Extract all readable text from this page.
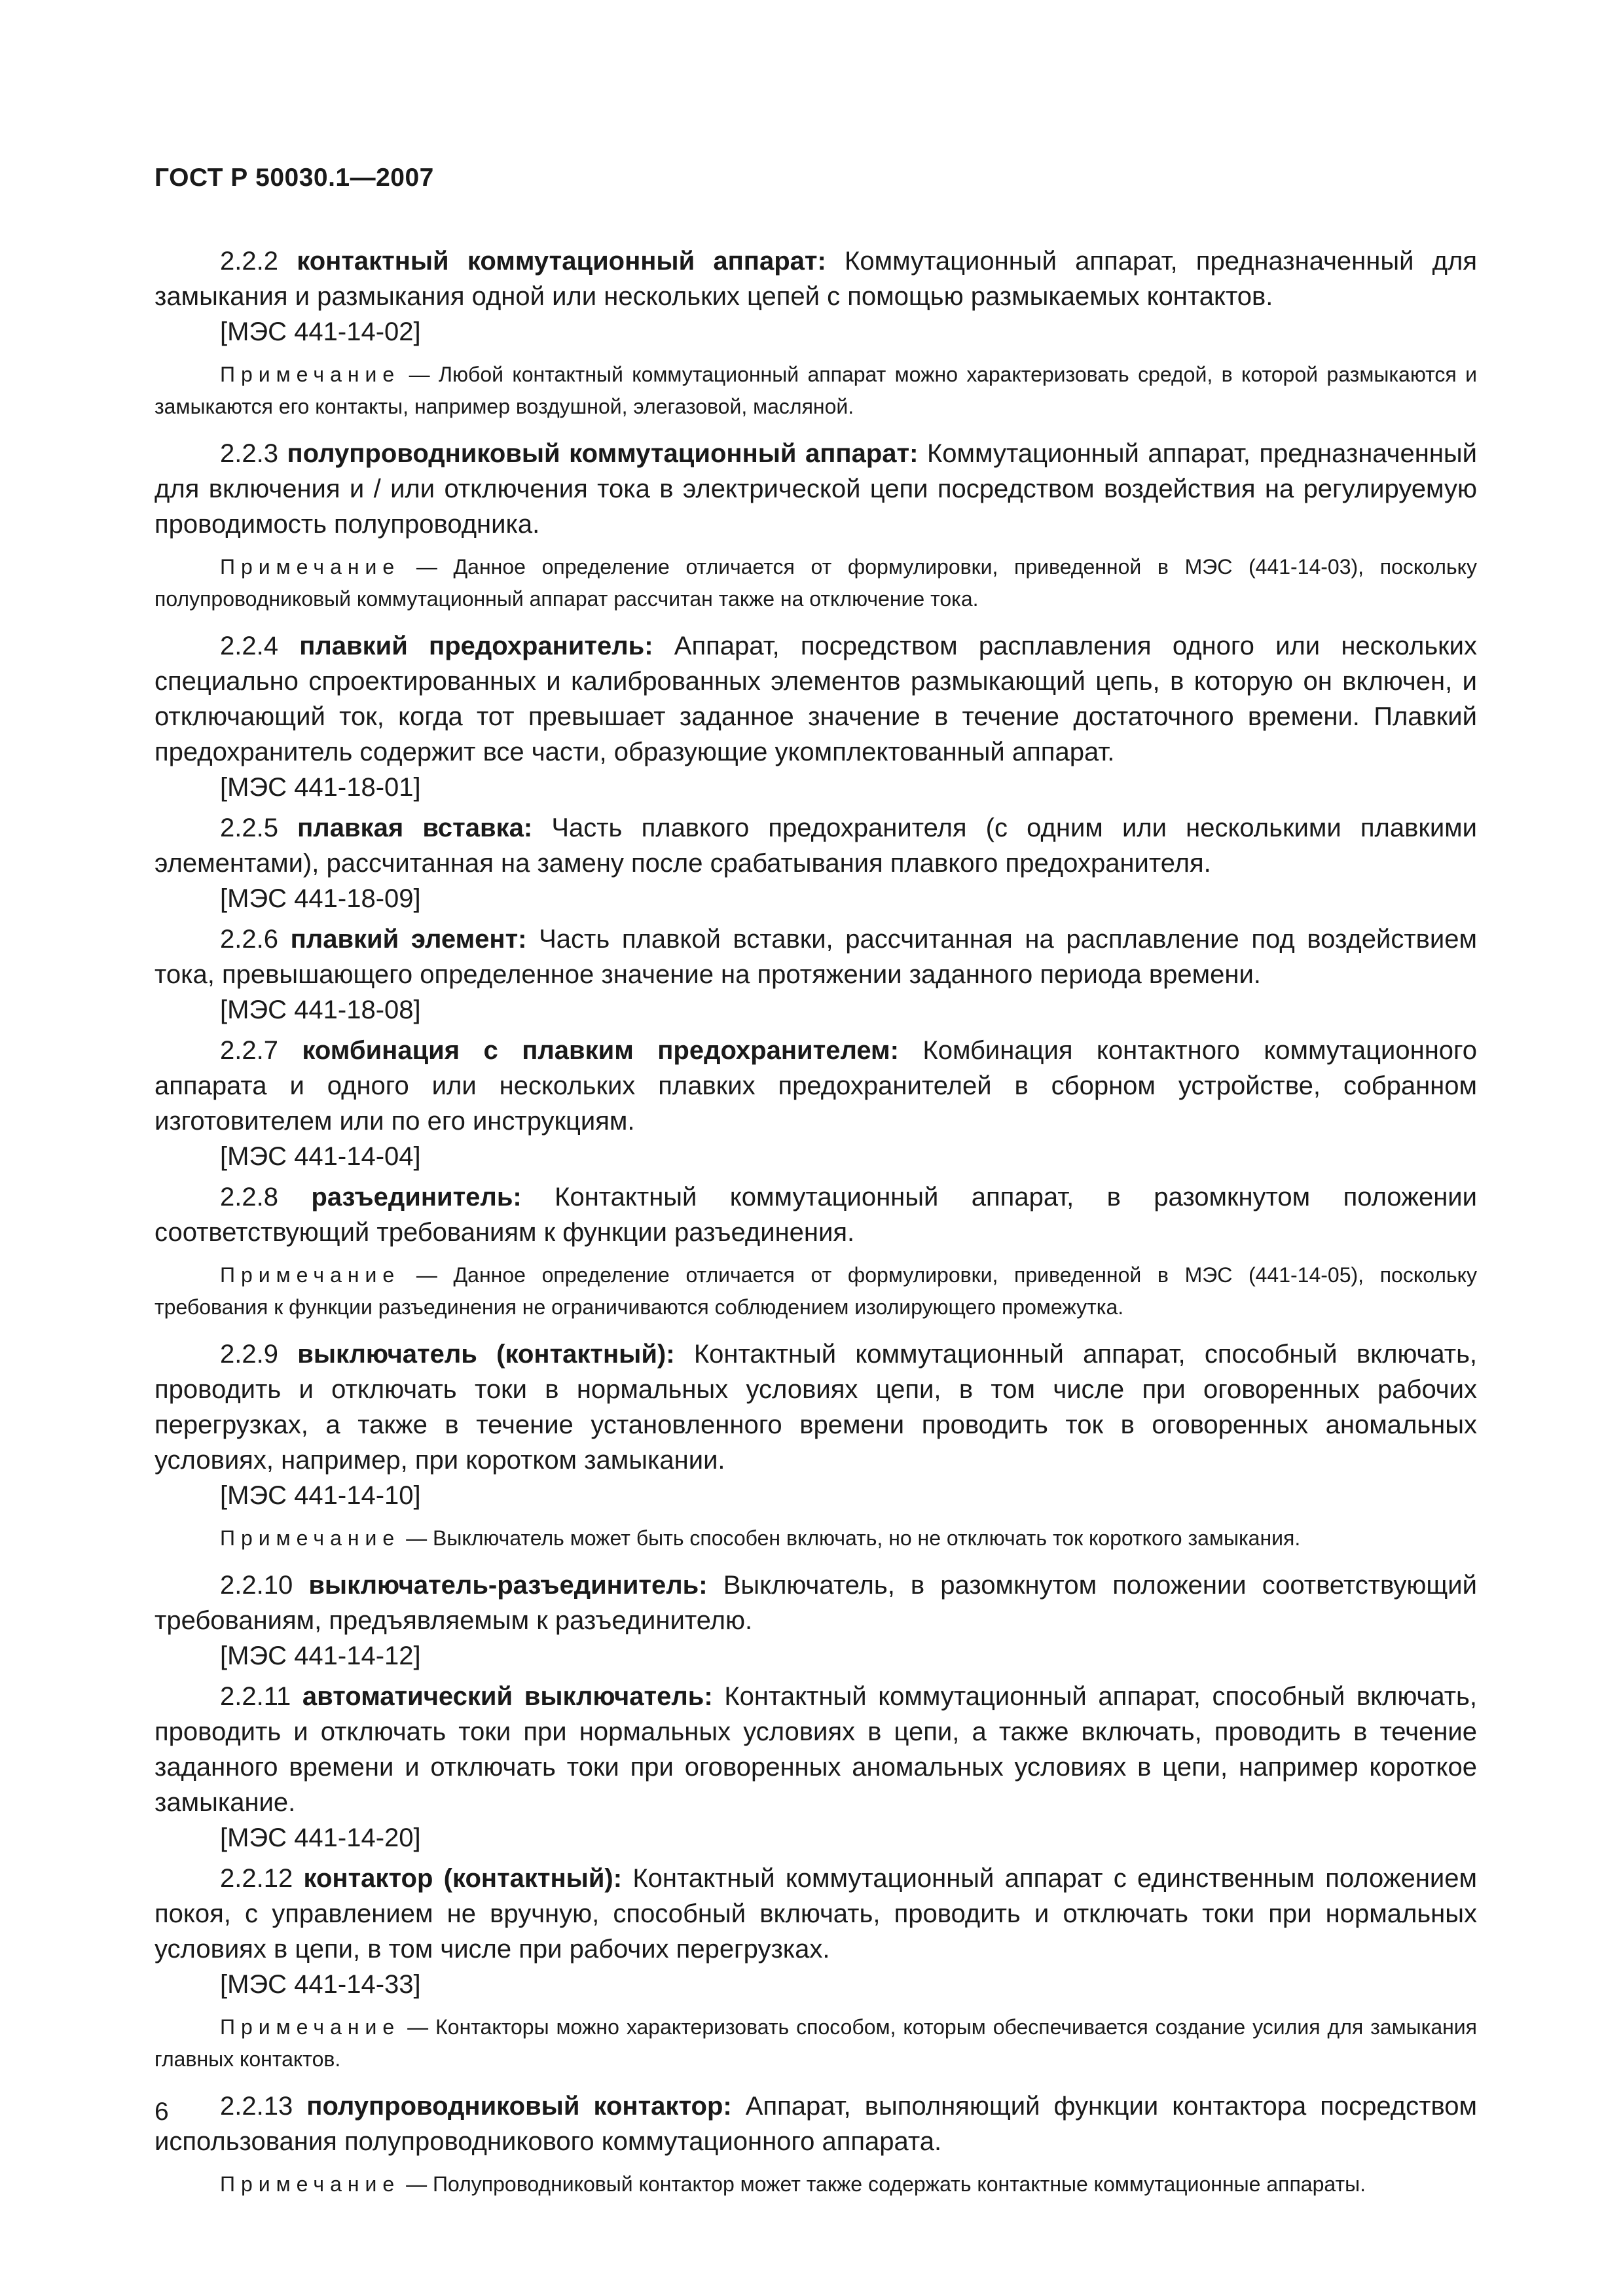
ГОСТ Р 50030.1—2007

2.2.2 контактный коммутационный аппарат: Коммутационный аппарат, предназначенный для замыкания и размыкания одной или нескольких цепей с помощью размыкаемых контактов.

[МЭС 441-14-02]

Примечание — Любой контактный коммутационный аппарат можно характеризовать средой, в которой размыкаются и замыкаются его контакты, например воздушной, элегазовой, масляной.

2.2.3 полупроводниковый коммутационный аппарат: Коммутационный аппарат, предназначенный для включения и / или отключения тока в электрической цепи посредством воздействия на регулируемую проводимость полупроводника.

Примечание — Данное определение отличается от формулировки, приведенной в МЭС (441-14-03), поскольку полупроводниковый коммутационный аппарат рассчитан также на отключение тока.

2.2.4 плавкий предохранитель: Аппарат, посредством расплавления одного или нескольких специально спроектированных и калиброванных элементов размыкающий цепь, в которую он включен, и отключающий ток, когда тот превышает заданное значение в течение достаточного времени. Плавкий предохранитель содержит все части, образующие укомплектованный аппарат.

[МЭС 441-18-01]

2.2.5 плавкая вставка: Часть плавкого предохранителя (с одним или несколькими плавкими элементами), рассчитанная на замену после срабатывания плавкого предохранителя.

[МЭС 441-18-09]

2.2.6 плавкий элемент: Часть плавкой вставки, рассчитанная на расплавление под воздействием тока, превышающего определенное значение на протяжении заданного периода времени.

[МЭС 441-18-08]

2.2.7 комбинация с плавким предохранителем: Комбинация контактного коммутационного аппарата и одного или нескольких плавких предохранителей в сборном устройстве, собранном изготовителем или по его инструкциям.

[МЭС 441-14-04]

2.2.8 разъединитель: Контактный коммутационный аппарат, в разомкнутом положении соответствующий требованиям к функции разъединения.

Примечание — Данное определение отличается от формулировки, приведенной в МЭС (441-14-05), поскольку требования к функции разъединения не ограничиваются соблюдением изолирующего промежутка.

2.2.9 выключатель (контактный): Контактный коммутационный аппарат, способный включать, проводить и отключать токи в нормальных условиях цепи, в том числе при оговоренных рабочих перегрузках, а также в течение установленного времени проводить ток в оговоренных аномальных условиях, например, при коротком замыкании.

[МЭС 441-14-10]

Примечание — Выключатель может быть способен включать, но не отключать ток короткого замыкания.

2.2.10 выключатель-разъединитель: Выключатель, в разомкнутом положении соответствующий требованиям, предъявляемым к разъединителю.

[МЭС 441-14-12]

2.2.11 автоматический выключатель: Контактный коммутационный аппарат, способный включать, проводить и отключать токи при нормальных условиях в цепи, а также включать, проводить в течение заданного времени и отключать токи при оговоренных аномальных условиях в цепи, например короткое замыкание.

[МЭС 441-14-20]

2.2.12 контактор (контактный): Контактный коммутационный аппарат с единственным положением покоя, с управлением не вручную, способный включать, проводить и отключать токи при нормальных условиях в цепи, в том числе при рабочих перегрузках.

[МЭС 441-14-33]

Примечание — Контакторы можно характеризовать способом, которым обеспечивается создание усилия для замыкания главных контактов.

2.2.13 полупроводниковый контактор: Аппарат, выполняющий функции контактора посредством использования полупроводникового коммутационного аппарата.

Примечание — Полупроводниковый контактор может также содержать контактные коммутационные аппараты.

6
